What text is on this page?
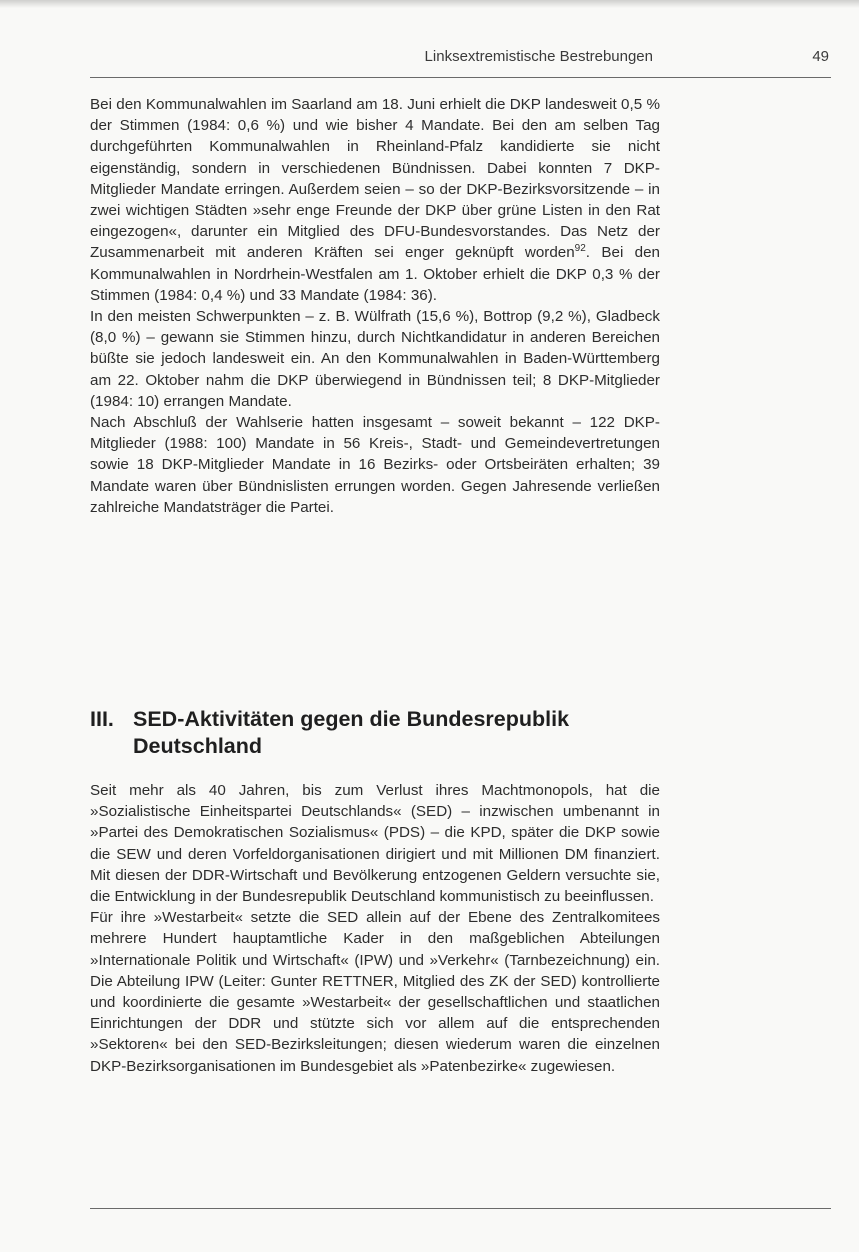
Linksextremistische Bestrebungen	49

Bei den Kommunalwahlen im Saarland am 18. Juni erhielt die DKP landesweit 0,5 % der Stimmen (1984: 0,6 %) und wie bisher 4 Mandate. Bei den am selben Tag durchgeführten Kommunalwahlen in Rheinland-Pfalz kandidierte sie nicht eigenständig, sondern in verschiedenen Bündnissen. Dabei konnten 7 DKP-Mitglieder Mandate erringen. Außerdem seien – so der DKP-Bezirksvorsitzende – in zwei wichtigen Städten »sehr enge Freunde der DKP über grüne Listen in den Rat eingezogen«, darunter ein Mitglied des DFU-Bundesvorstandes. Das Netz der Zusammenarbeit mit anderen Kräften sei enger geknüpft worden$^{92}$. Bei den Kommunalwahlen in Nordrhein-Westfalen am 1. Oktober erhielt die DKP 0,3 % der Stimmen (1984: 0,4 %) und 33 Mandate (1984: 36).

In den meisten Schwerpunkten – z. B. Wülfrath (15,6 %), Bottrop (9,2 %), Gladbeck (8,0 %) – gewann sie Stimmen hinzu, durch Nichtkandidatur in anderen Bereichen büßte sie jedoch landesweit ein. An den Kommunalwahlen in Baden-Württemberg am 22. Oktober nahm die DKP überwiegend in Bündnissen teil; 8 DKP-Mitglieder (1984: 10) errangen Mandate.

Nach Abschluß der Wahlserie hatten insgesamt – soweit bekannt – 122 DKP-Mitglieder (1988: 100) Mandate in 56 Kreis-, Stadt- und Gemeindevertretungen sowie 18 DKP-Mitglieder Mandate in 16 Bezirks- oder Ortsbeiräten erhalten; 39 Mandate waren über Bündnislisten errungen worden. Gegen Jahresende verließen zahlreiche Mandatsträger die Partei.

III. SED-Aktivitäten gegen die Bundesrepublik Deutschland

Seit mehr als 40 Jahren, bis zum Verlust ihres Machtmonopols, hat die »Sozialistische Einheitspartei Deutschlands« (SED) – inzwischen umbenannt in »Partei des Demokratischen Sozialismus« (PDS) – die KPD, später die DKP sowie die SEW und deren Vorfeldorganisationen dirigiert und mit Millionen DM finanziert. Mit diesen der DDR-Wirtschaft und Bevölkerung entzogenen Geldern versuchte sie, die Entwicklung in der Bundesrepublik Deutschland kommunistisch zu beeinflussen.

Für ihre »Westarbeit« setzte die SED allein auf der Ebene des Zentralkomitees mehrere Hundert hauptamtliche Kader in den maßgeblichen Abteilungen »Internationale Politik und Wirtschaft« (IPW) und »Verkehr« (Tarnbezeichnung) ein. Die Abteilung IPW (Leiter: Gunter RETTNER, Mitglied des ZK der SED) kontrollierte und koordinierte die gesamte »Westarbeit« der gesellschaftlichen und staatlichen Einrichtungen der DDR und stützte sich vor allem auf die entsprechenden »Sektoren« bei den SED-Bezirksleitungen; diesen wiederum waren die einzelnen DKP-Bezirksorganisationen im Bundesgebiet als »Patenbezirke« zugewiesen.
